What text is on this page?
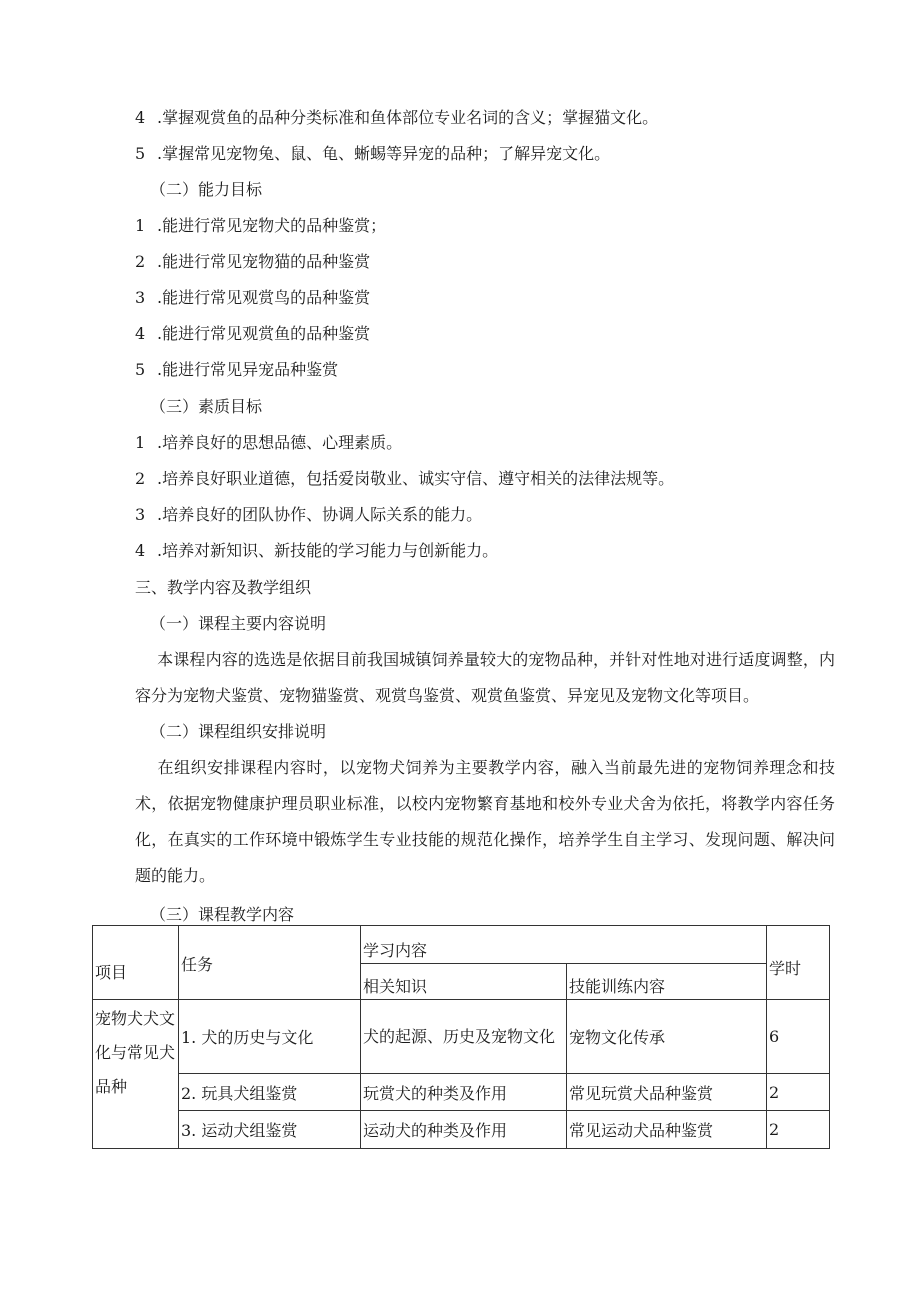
4 .掌握观赏鱼的品种分类标准和鱼体部位专业名词的含义；掌握猫文化。
5 .掌握常见宠物兔、鼠、龟、蜥蜴等异宠的品种；了解异宠文化。
（二）能力目标
1 .能进行常见宠物犬的品种鉴赏；
2 .能进行常见宠物猫的品种鉴赏
3 .能进行常见观赏鸟的品种鉴赏
4 .能进行常见观赏鱼的品种鉴赏
5 .能进行常见异宠品种鉴赏
（三）素质目标
1 .培养良好的思想品德、心理素质。
2 .培养良好职业道德，包括爱岗敬业、诚实守信、遵守相关的法律法规等。
3 .培养良好的团队协作、协调人际关系的能力。
4 .培养对新知识、新技能的学习能力与创新能力。
三、教学内容及教学组织
（一）课程主要内容说明
本课程内容的选选是依据目前我国城镇饲养量较大的宠物品种，并针对性地对进行适度调整，内容分为宠物犬鉴赏、宠物猫鉴赏、观赏鸟鉴赏、观赏鱼鉴赏、异宠见及宠物文化等项目。
（二）课程组织安排说明
在组织安排课程内容时，以宠物犬饲养为主要教学内容，融入当前最先进的宠物饲养理念和技术，依据宠物健康护理员职业标准，以校内宠物繁育基地和校外专业犬舍为依托，将教学内容任务化，在真实的工作环境中锻炼学生专业技能的规范化操作，培养学生自主学习、发现问题、解决问题的能力。
（三）课程教学内容
项目	任务	学习内容		学时
		相关知识	技能训练内容	
宠物犬犬文化与常见犬品种	1. 犬的历史与文化	犬的起源、历史及宠物文化	宠物文化传承	6
	2. 玩具犬组鉴赏	玩赏犬的种类及作用	常见玩赏犬品种鉴赏	2
	3. 运动犬组鉴赏	运动犬的种类及作用	常见运动犬品种鉴赏	2
